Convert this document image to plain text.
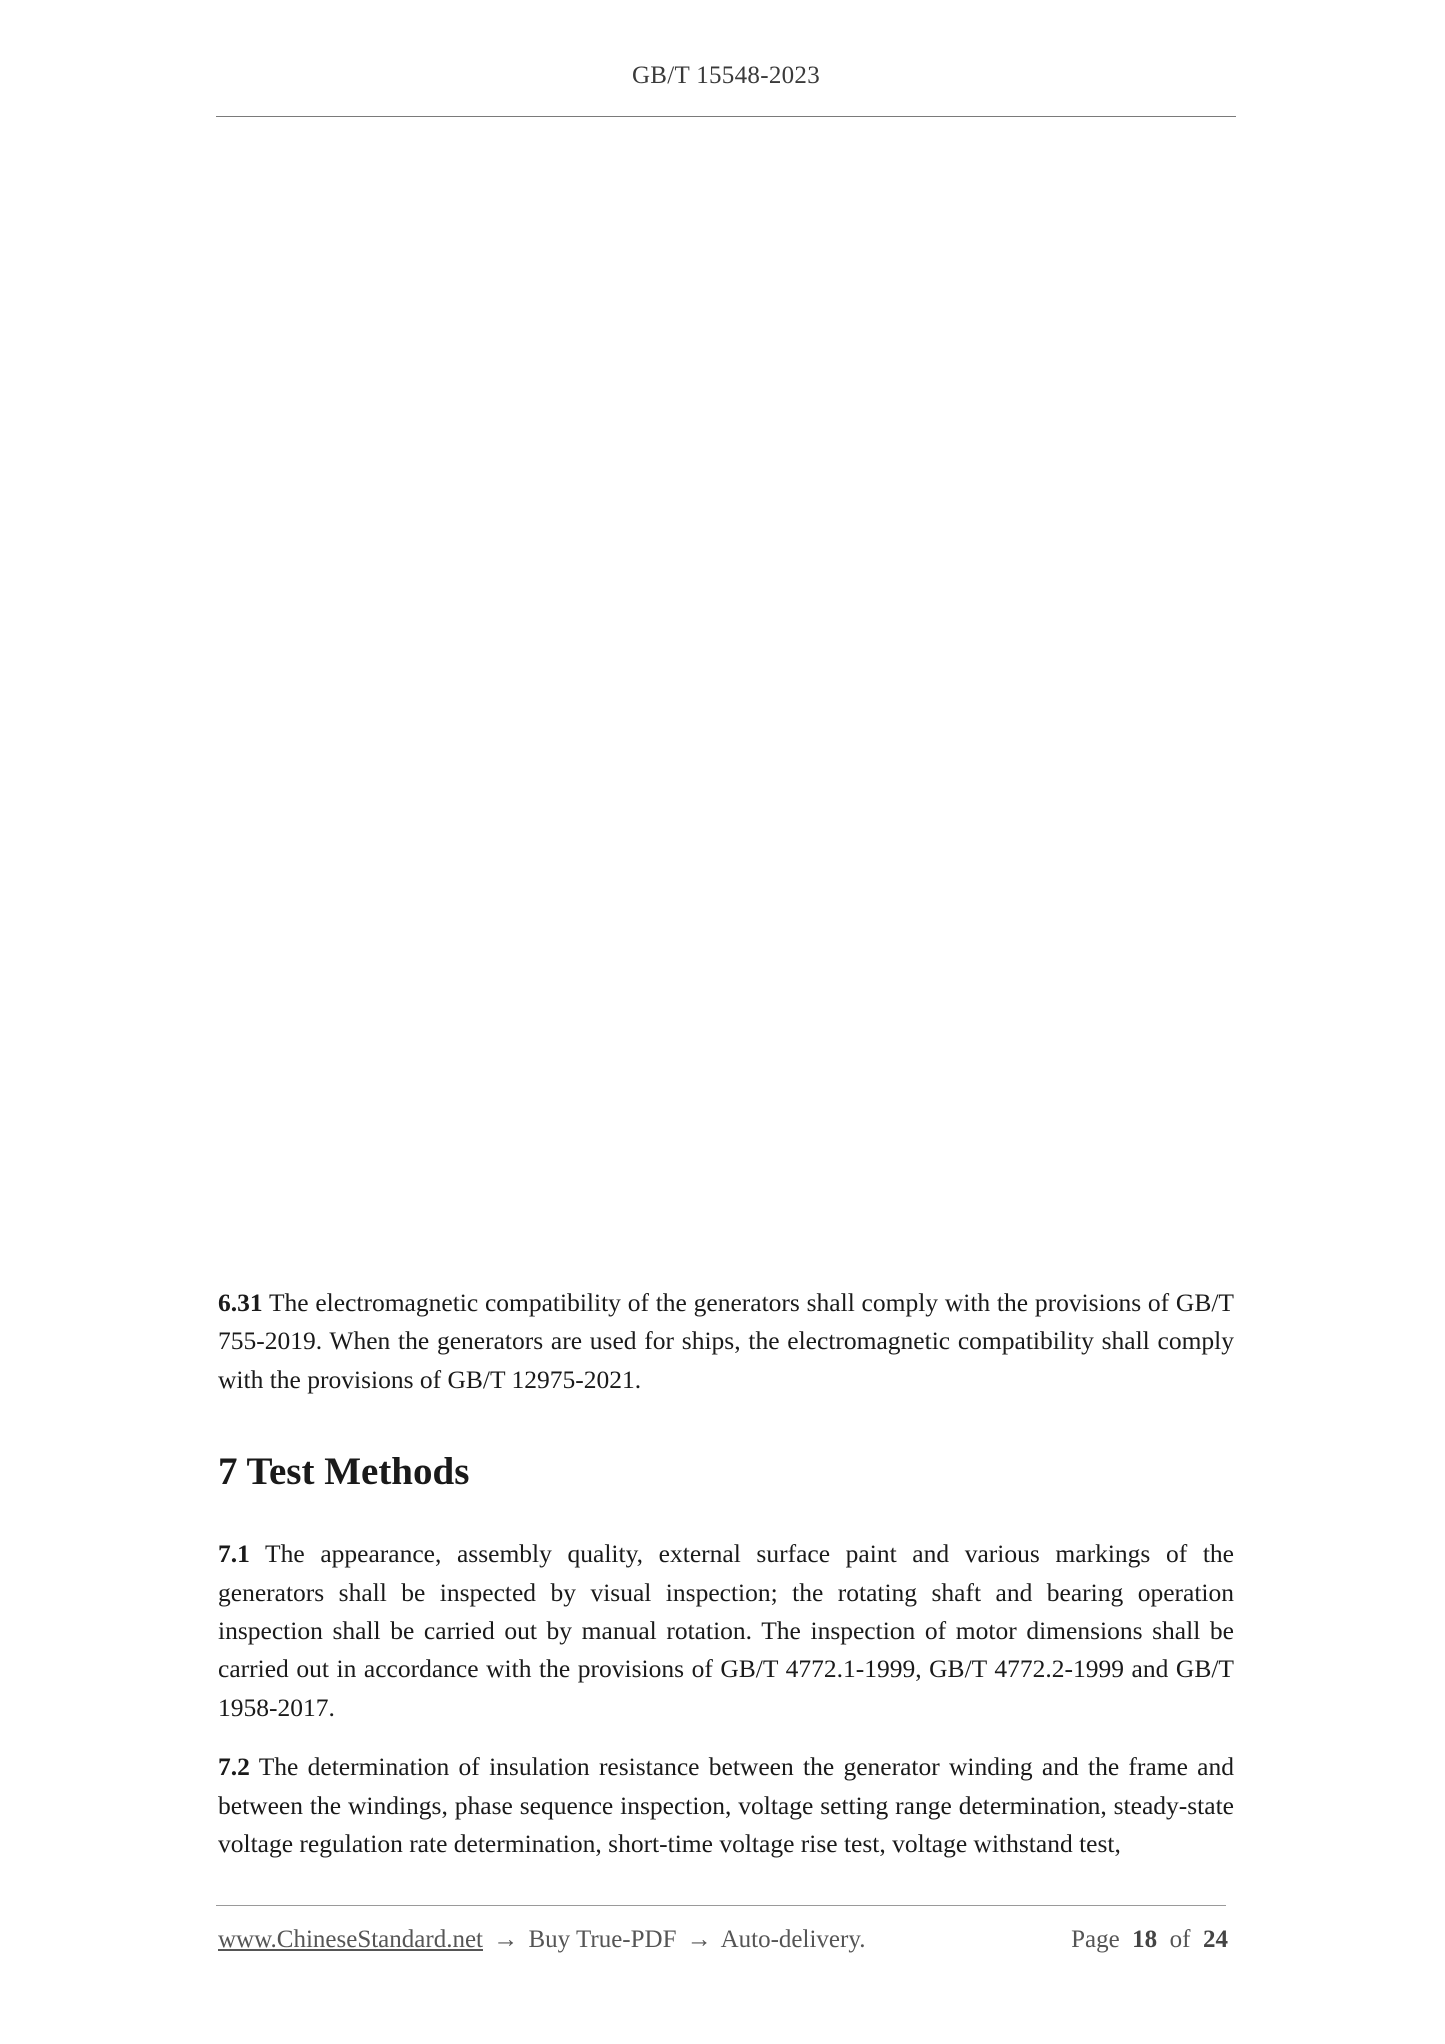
GB/T 15548-2023

6.31 The electromagnetic compatibility of the generators shall comply with the provisions of GB/T 755-2019. When the generators are used for ships, the electromagnetic compatibility shall comply with the provisions of GB/T 12975-2021.

7 Test Methods

7.1 The appearance, assembly quality, external surface paint and various markings of the generators shall be inspected by visual inspection; the rotating shaft and bearing operation inspection shall be carried out by manual rotation. The inspection of motor dimensions shall be carried out in accordance with the provisions of GB/T 4772.1-1999, GB/T 4772.2-1999 and GB/T 1958-2017.

7.2 The determination of insulation resistance between the generator winding and the frame and between the windings, phase sequence inspection, voltage setting range determination, steady-state voltage regulation rate determination, short-time voltage rise test, voltage withstand test,

www.ChineseStandard.net → Buy True-PDF → Auto-delivery.	Page 18 of 24
